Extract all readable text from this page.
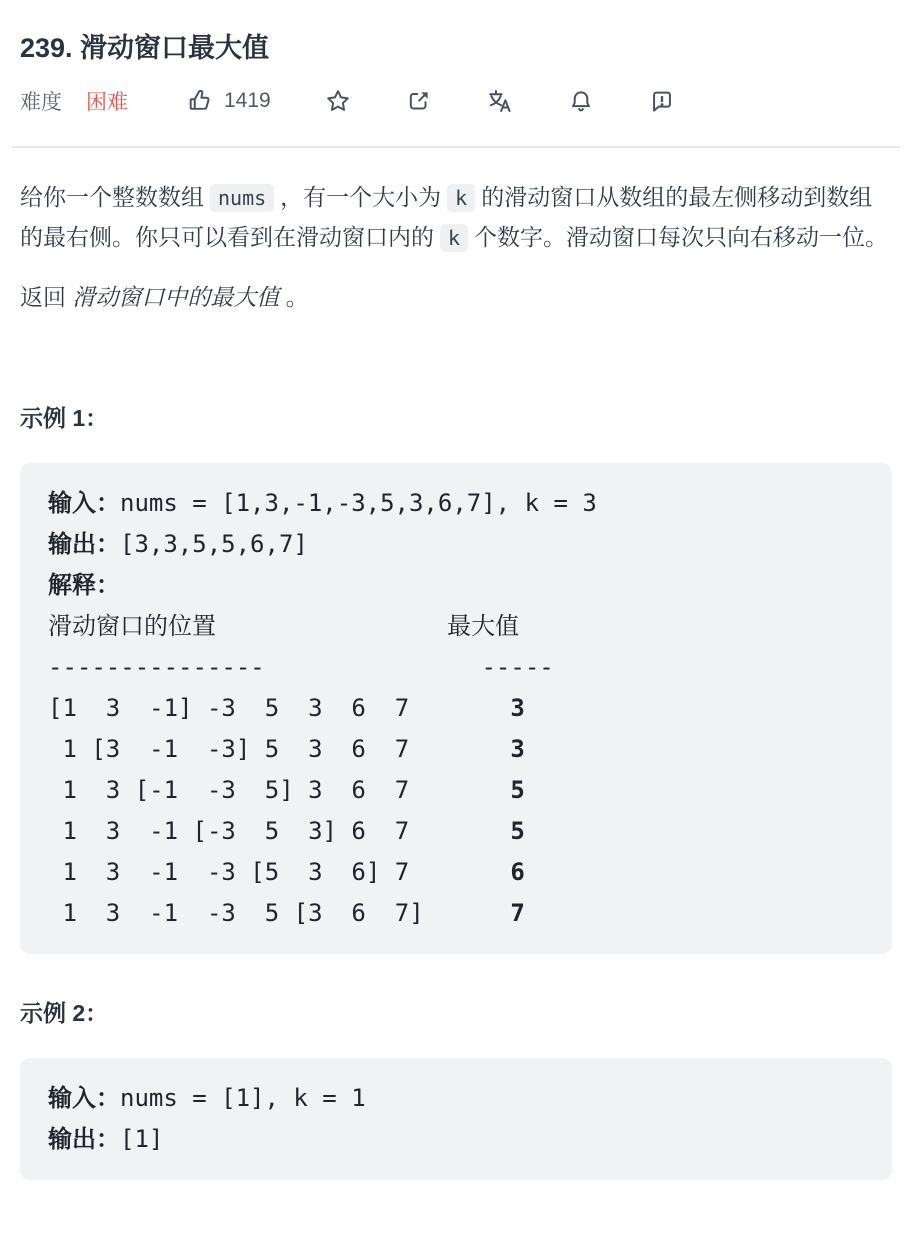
239. 滑动窗口最大值
难度 困难	1419

给你一个整数数组 nums ，有一个大小为 k 的滑动窗口从数组的最左侧移动到数组的最右侧。你只可以看到在滑动窗口内的 k 个数字。滑动窗口每次只向右移动一位。

返回 滑动窗口中的最大值 。

示例 1：
输入：nums = [1,3,-1,-3,5,3,6,7], k = 3
输出：[3,3,5,5,6,7]
解释：
滑动窗口的位置                最大值
---------------               -----
[1  3  -1] -3  5  3  6  7       3
1 [3  -1  -3] 5  3  6  7       3
1  3 [-1  -3  5] 3  6  7       5
1  3  -1 [-3  5  3] 6  7       5
1  3  -1  -3 [5  3  6] 7       6
1  3  -1  -3  5 [3  6  7]      7
示例 2：
输入：nums = [1], k = 1
输出：[1]
